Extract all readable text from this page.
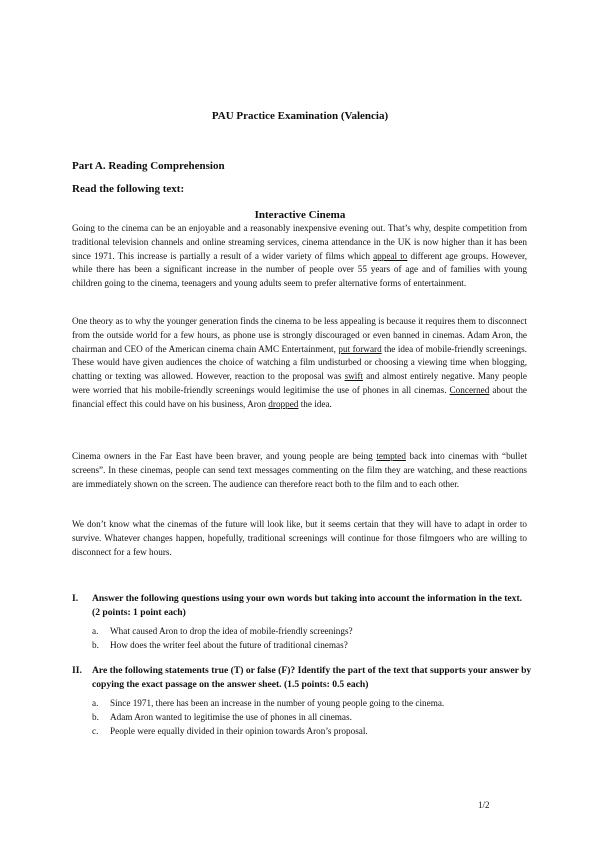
PAU Practice Examination (Valencia)
Part A. Reading Comprehension
Read the following text:
Interactive Cinema

Going to the cinema can be an enjoyable and a reasonably inexpensive evening out. That’s why, despite competition from traditional television channels and online streaming services, cinema attendance in the UK is now higher than it has been since 1971. This increase is partially a result of a wider variety of films which appeal to different age groups. However, while there has been a significant increase in the number of people over 55 years of age and of families with young children going to the cinema, teenagers and young adults seem to prefer alternative forms of entertainment.

One theory as to why the younger generation finds the cinema to be less appealing is because it requires them to disconnect from the outside world for a few hours, as phone use is strongly discouraged or even banned in cinemas. Adam Aron, the chairman and CEO of the American cinema chain AMC Entertainment, put forward the idea of mobile-friendly screenings. These would have given audiences the choice of watching a film undisturbed or choosing a viewing time when blogging, chatting or texting was allowed. However, reaction to the proposal was swift and almost entirely negative. Many people were worried that his mobile-friendly screenings would legitimise the use of phones in all cinemas. Concerned about the financial effect this could have on his business, Aron dropped the idea.

Cinema owners in the Far East have been braver, and young people are being tempted back into cinemas with “bullet screens”. In these cinemas, people can send text messages commenting on the film they are watching, and these reactions are immediately shown on the screen. The audience can therefore react both to the film and to each other.

We don’t know what the cinemas of the future will look like, but it seems certain that they will have to adapt in order to survive. Whatever changes happen, hopefully, traditional screenings will continue for those filmgoers who are willing to disconnect for a few hours.

I.	Answer the following questions using your own words but taking into account the information in the text. (2 points: 1 point each)
a. What caused Aron to drop the idea of mobile-friendly screenings?
b. How does the writer feel about the future of traditional cinemas?
II.	Are the following statements true (T) or false (F)? Identify the part of the text that supports your answer by copying the exact passage on the answer sheet. (1.5 points: 0.5 each)
a. Since 1971, there has been an increase in the number of young people going to the cinema.
b. Adam Aron wanted to legitimise the use of phones in all cinemas.
c. People were equally divided in their opinion towards Aron’s proposal.
1/2
